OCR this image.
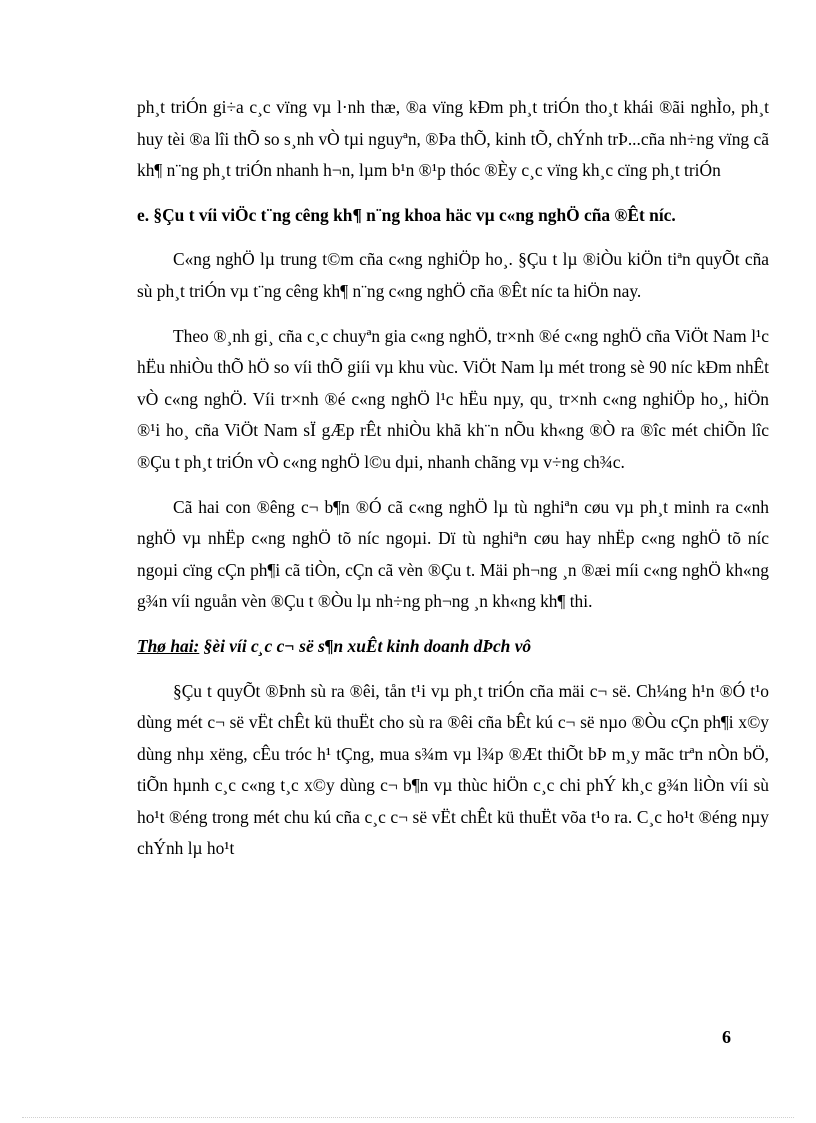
ph¸t triÓn gi÷a c¸c vïng vµ l·nh thæ, ®a vïng kÐm ph¸t triÓn tho¸t khái ®ãi nghÌo, ph¸t huy tèi ®a lîi thÕ so s¸nh vÒ tµi nguyªn, ®Þa thÕ, kinh tÕ, chÝnh trÞ...cña nh÷ng vïng cã kh¶ n¨ng ph¸t triÓn nhanh h¬n, lµm b¹n ®¹p thóc ®Èy c¸c vïng kh¸c cïng ph¸t triÓn

e. §Çu t víi viÖc t¨ng cêng kh¶ n¨ng khoa häc vµ c«ng nghÖ cña ®Êt níc.

C«ng nghÖ lµ trung t©m cña c«ng nghiÖp ho¸. §Çu t lµ ®iÒu kiÖn tiªn quyÕt cña sù ph¸t triÓn vµ t¨ng cêng kh¶ n¨ng c«ng nghÖ cña ®Êt níc ta hiÖn nay.

Theo ®¸nh gi¸ cña c¸c chuyªn gia c«ng nghÖ, tr×nh ®é c«ng nghÖ cña ViÖt Nam l¹c hËu nhiÒu thÕ hÖ so víi thÕ giíi vµ khu vùc. ViÖt Nam lµ mét trong sè 90 níc kÐm nhÊt vÒ c«ng nghÖ. Víi tr×nh ®é c«ng nghÖ l¹c hËu nµy, qu¸ tr×nh c«ng nghiÖp ho¸, hiÖn ®¹i ho¸ cña ViÖt Nam sÏ gÆp rÊt nhiÒu khã kh¨n nÕu kh«ng ®Ò ra ®îc mét chiÕn lîc ®Çu t ph¸t triÓn vÒ c«ng nghÖ l©u dµi, nhanh chãng vµ v÷ng ch¾c.

Cã hai con ®êng c¬ b¶n ®Ó cã c«ng nghÖ lµ tù nghiªn cøu vµ ph¸t minh ra c«nh nghÖ vµ nhËp c«ng nghÖ tõ níc ngoµi. Dï tù nghiªn cøu hay nhËp c«ng nghÖ tõ níc ngoµi cïng cÇn ph¶i cã tiÒn, cÇn cã vèn ®Çu t. Mäi ph¬ng ¸n ®æi míi c«ng nghÖ kh«ng g¾n víi nguån vèn ®Çu t ®Òu lµ nh÷ng ph¬ng ¸n kh«ng kh¶ thi.

Thø hai: §èi víi c¸c c¬ së s¶n xuÊt kinh doanh dÞch vô

§Çu t quyÕt ®Þnh sù ra ®êi, tån t¹i vµ ph¸t triÓn cña mäi c¬ së. Ch¼ng h¹n ®Ó t¹o dùng mét c¬ së vËt chÊt kü thuËt cho sù ra ®êi cña bÊt kú c¬ së nµo ®Òu cÇn ph¶i x©y dùng nhµ xëng, cÊu tróc h¹ tÇng, mua s¾m vµ l¾p ®Æt thiÕt bÞ m¸y mãc trªn nÒn bÖ, tiÕn hµnh c¸c c«ng t¸c x©y dùng c¬ b¶n vµ thùc hiÖn c¸c chi phÝ kh¸c g¾n liÒn víi sù ho¹t ®éng trong mét chu kú cña c¸c c¬ së vËt chÊt kü thuËt võa t¹o ra. C¸c ho¹t ®éng nµy chÝnh lµ ho¹t

6
